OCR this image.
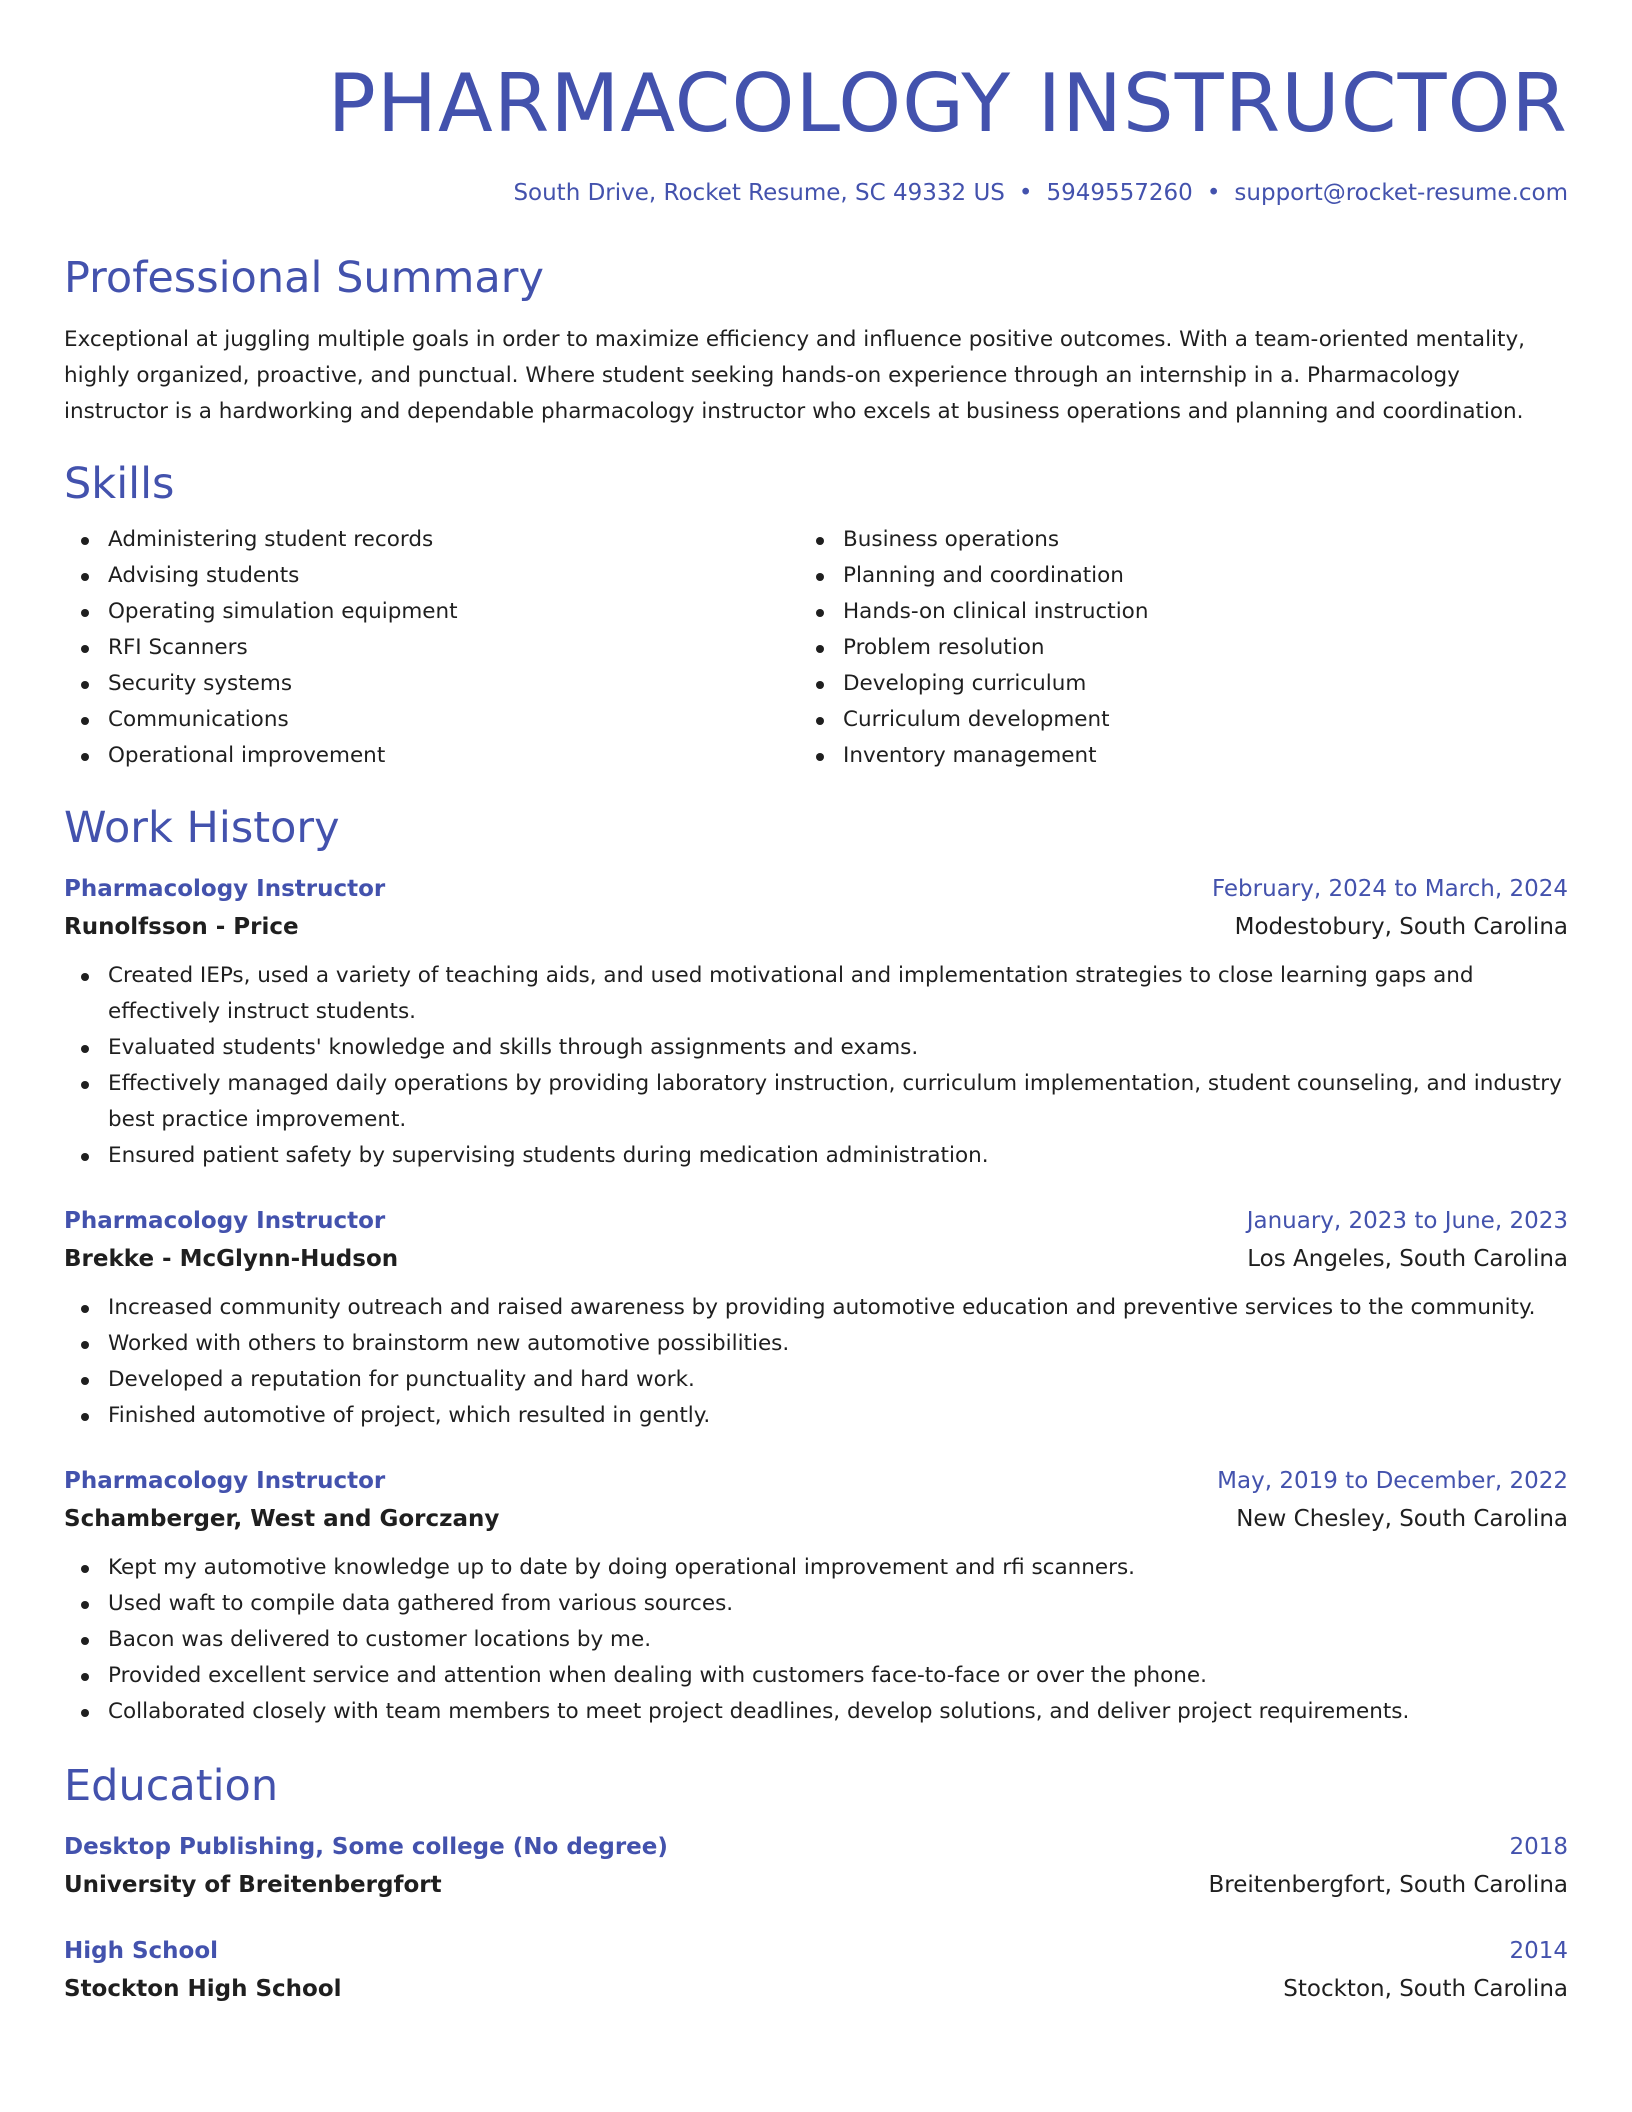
PHARMACOLOGY INSTRUCTOR
South Drive, Rocket Resume, SC 49332 US • 5949557260 • support@rocket-resume.com
Professional Summary

Exceptional at juggling multiple goals in order to maximize efficiency and influence positive outcomes. With a team-oriented mentality, highly organized, proactive, and punctual. Where student seeking hands-on experience through an internship in a. Pharmacology instructor is a hardworking and dependable pharmacology instructor who excels at business operations and planning and coordination.

Skills
Administering student records
Advising students
Operating simulation equipment
RFI Scanners
Security systems
Communications
Operational improvement
Business operations
Planning and coordination
Hands-on clinical instruction
Problem resolution
Developing curriculum
Curriculum development
Inventory management
Work History
Pharmacology Instructor	February, 2024 to March, 2024
Runolfsson - Price	Modestobury, South Carolina
Created IEPs, used a variety of teaching aids, and used motivational and implementation strategies to close learning gaps and effectively instruct students.
Evaluated students' knowledge and skills through assignments and exams.
Effectively managed daily operations by providing laboratory instruction, curriculum implementation, student counseling, and industry best practice improvement.
Ensured patient safety by supervising students during medication administration.
Pharmacology Instructor	January, 2023 to June, 2023
Brekke - McGlynn-Hudson	Los Angeles, South Carolina
Increased community outreach and raised awareness by providing automotive education and preventive services to the community.
Worked with others to brainstorm new automotive possibilities.
Developed a reputation for punctuality and hard work.
Finished automotive of project, which resulted in gently.
Pharmacology Instructor	May, 2019 to December, 2022
Schamberger, West and Gorczany	New Chesley, South Carolina
Kept my automotive knowledge up to date by doing operational improvement and rfi scanners.
Used waft to compile data gathered from various sources.
Bacon was delivered to customer locations by me.
Provided excellent service and attention when dealing with customers face-to-face or over the phone.
Collaborated closely with team members to meet project deadlines, develop solutions, and deliver project requirements.
Education
Desktop Publishing, Some college (No degree)	2018
University of Breitenbergfort	Breitenbergfort, South Carolina
High School	2014
Stockton High School	Stockton, South Carolina
